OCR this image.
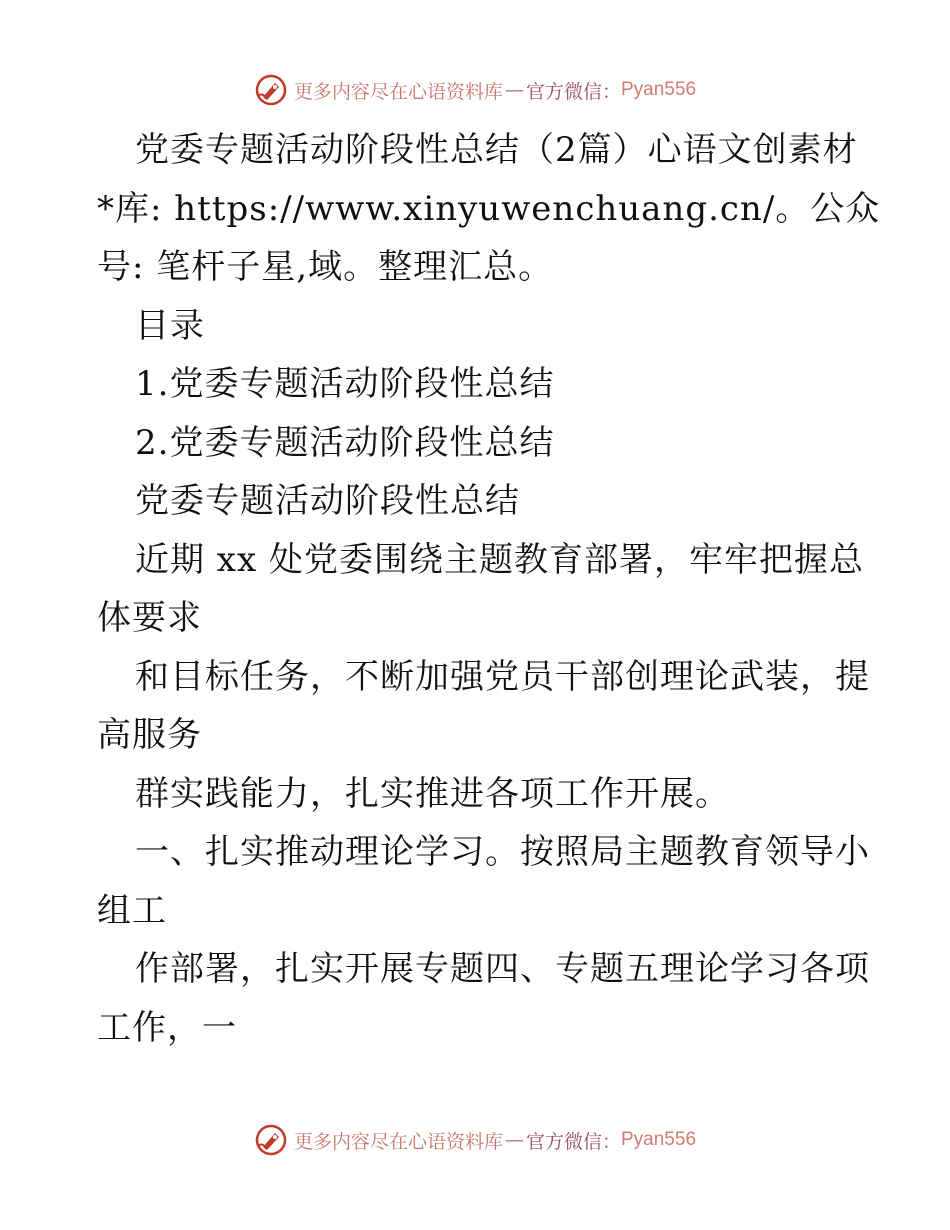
更多内容尽在心语资料库 — 官方微信： Pyan556
党委专题活动阶段性总结（2篇）心语文创素材
*库: https://www.xinyuwenchuang.cn/。公众
号: 笔杆子星,域。整理汇总。
目录
1.党委专题活动阶段性总结
2.党委专题活动阶段性总结
党委专题活动阶段性总结
近期 xx 处党委围绕主题教育部署，牢牢把握总
体要求
和目标任务，不断加强党员干部创理论武装，提
高服务
群实践能力，扎实推进各项工作开展。
一、扎实推动理论学习。按照局主题教育领导小
组工
作部署，扎实开展专题四、专题五理论学习各项
工作，一
更多内容尽在心语资料库 — 官方微信： Pyan556
